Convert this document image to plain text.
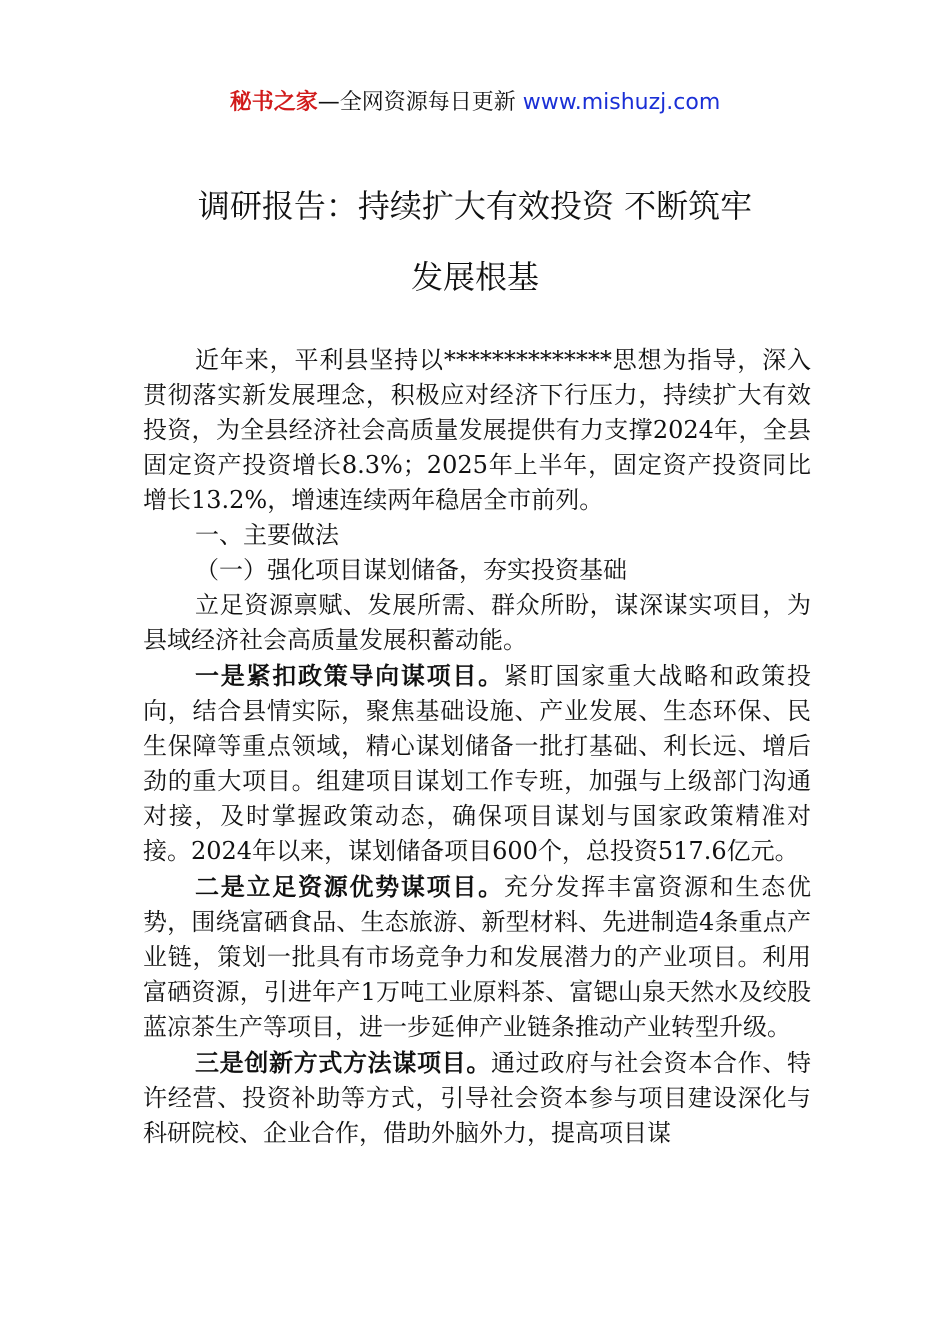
秘书之家—全网资源每日更新 www.mishuzj.com
调研报告：持续扩大有效投资 不断筑牢
发展根基

近年来，平利县坚持以**************思想为指导，深入贯彻落实新发展理念，积极应对经济下行压力，持续扩大有效投资，为全县经济社会高质量发展提供有力支撑2024年，全县固定资产投资增长8.3%；2025年上半年，固定资产投资同比增长13.2%，增速连续两年稳居全市前列。

一、主要做法

（一）强化项目谋划储备，夯实投资基础

立足资源禀赋、发展所需、群众所盼，谋深谋实项目，为县域经济社会高质量发展积蓄动能。

一是紧扣政策导向谋项目。紧盯国家重大战略和政策投向，结合县情实际，聚焦基础设施、产业发展、生态环保、民生保障等重点领域，精心谋划储备一批打基础、利长远、增后劲的重大项目。组建项目谋划工作专班，加强与上级部门沟通对接，及时掌握政策动态，确保项目谋划与国家政策精准对接。2024年以来，谋划储备项目600个，总投资517.6亿元。

二是立足资源优势谋项目。充分发挥丰富资源和生态优势，围绕富硒食品、生态旅游、新型材料、先进制造4条重点产业链，策划一批具有市场竞争力和发展潜力的产业项目。利用富硒资源，引进年产1万吨工业原料茶、富锶山泉天然水及绞股蓝凉茶生产等项目，进一步延伸产业链条推动产业转型升级。

三是创新方式方法谋项目。通过政府与社会资本合作、特许经营、投资补助等方式，引导社会资本参与项目建设深化与科研院校、企业合作，借助外脑外力，提高项目谋
